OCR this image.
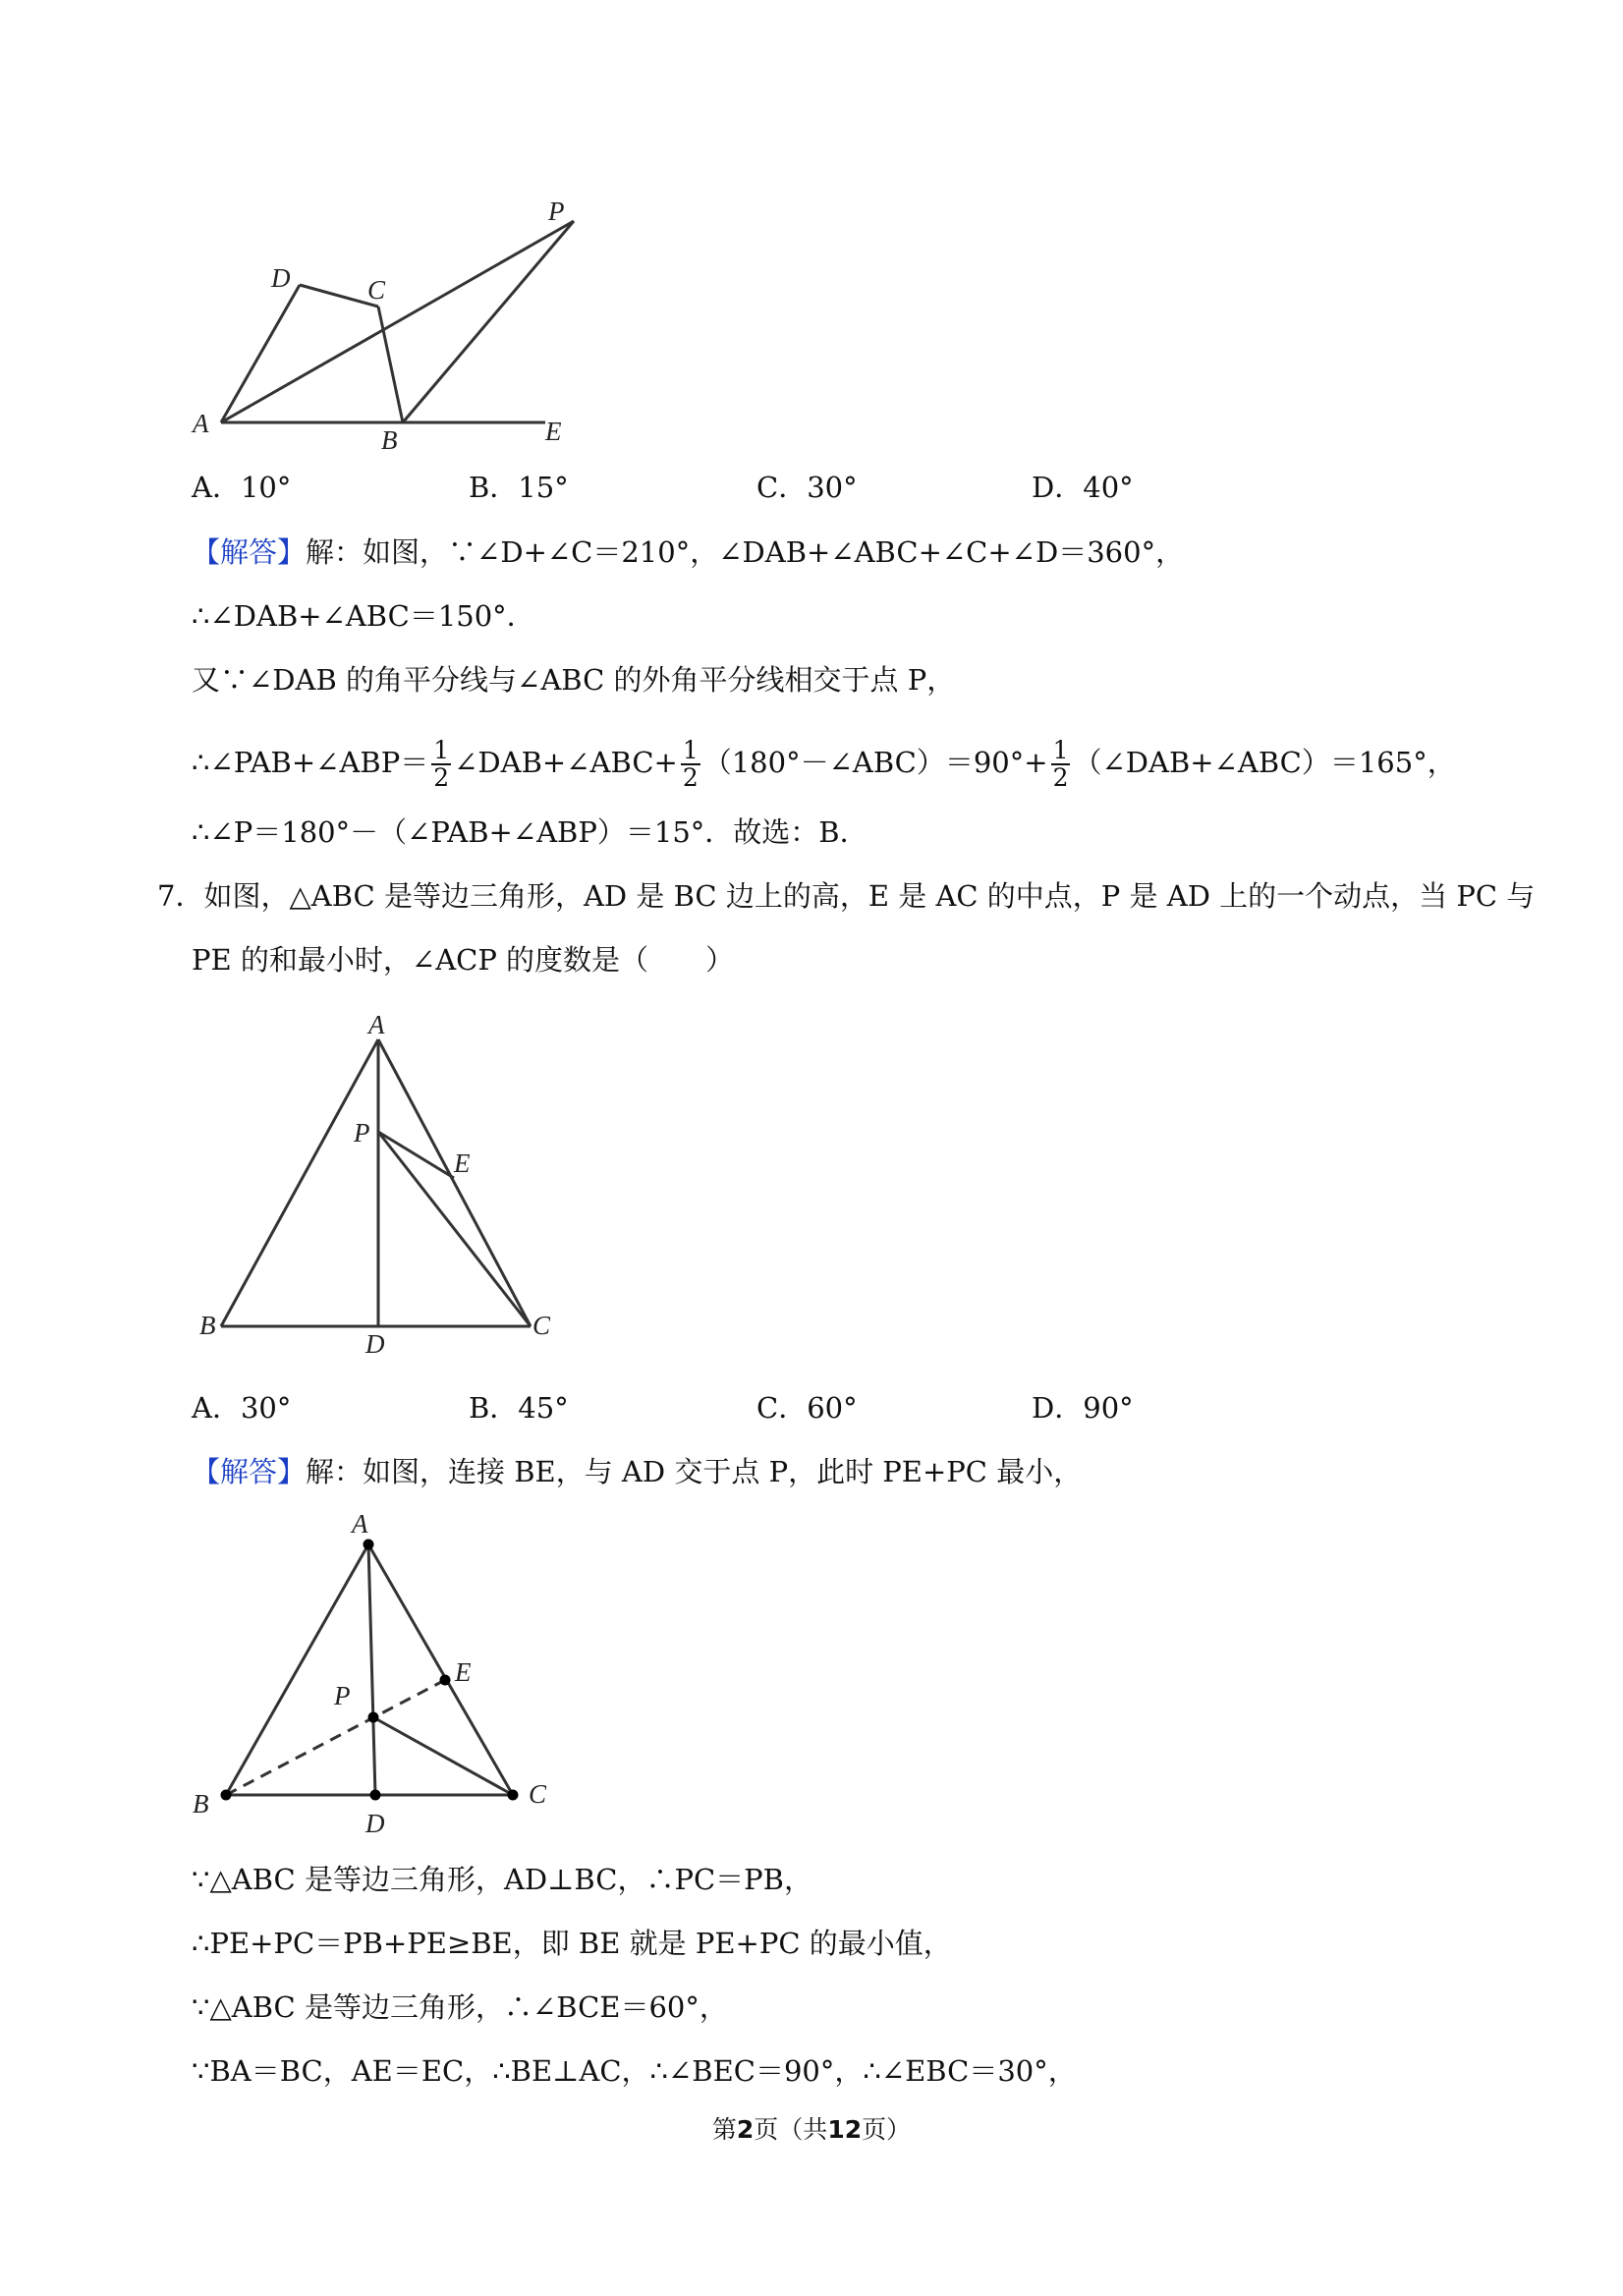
P
D	C
A
B	E
A．10°	B．15°	C．30°	D．40°
【解答】解：如图，∵∠D+∠C＝210°，∠DAB+∠ABC+∠C+∠D＝360°，
∴∠DAB+∠ABC＝150°．
又∵∠DAB 的角平分线与∠ABC 的外角平分线相交于点 P，
∴∠PAB+∠ABP＝ $\frac{1}{2}$ ∠DAB+∠ABC+ $\frac{1}{2}$ （180°－∠ABC）＝90°+ $\frac{1}{2}$ （∠DAB+∠ABC）＝165°，
∴∠P＝180°－（∠PAB+∠ABP）＝15°．故选：B．
7．如图，△ABC 是等边三角形，AD 是 BC 边上的高，E 是 AC 的中点，P 是 AD 上的一个动点，当 PC 与
PE 的和最小时，∠ACP 的度数是（　　）
A
P
E
B
D
C
A．30°	B．45°	C．60°	D．90°
【解答】解：如图，连接 BE，与 AD 交于点 P，此时 PE+PC 最小，
A
E
P
B
D
C
∵△ABC 是等边三角形，AD⊥BC，∴PC＝PB，
∴PE+PC＝PB+PE≥BE，即 BE 就是 PE+PC 的最小值，
∵△ABC 是等边三角形，∴∠BCE＝60°，
∵BA＝BC，AE＝EC，∴BE⊥AC，∴∠BEC＝90°，∴∠EBC＝30°，
第2页（共12页）
